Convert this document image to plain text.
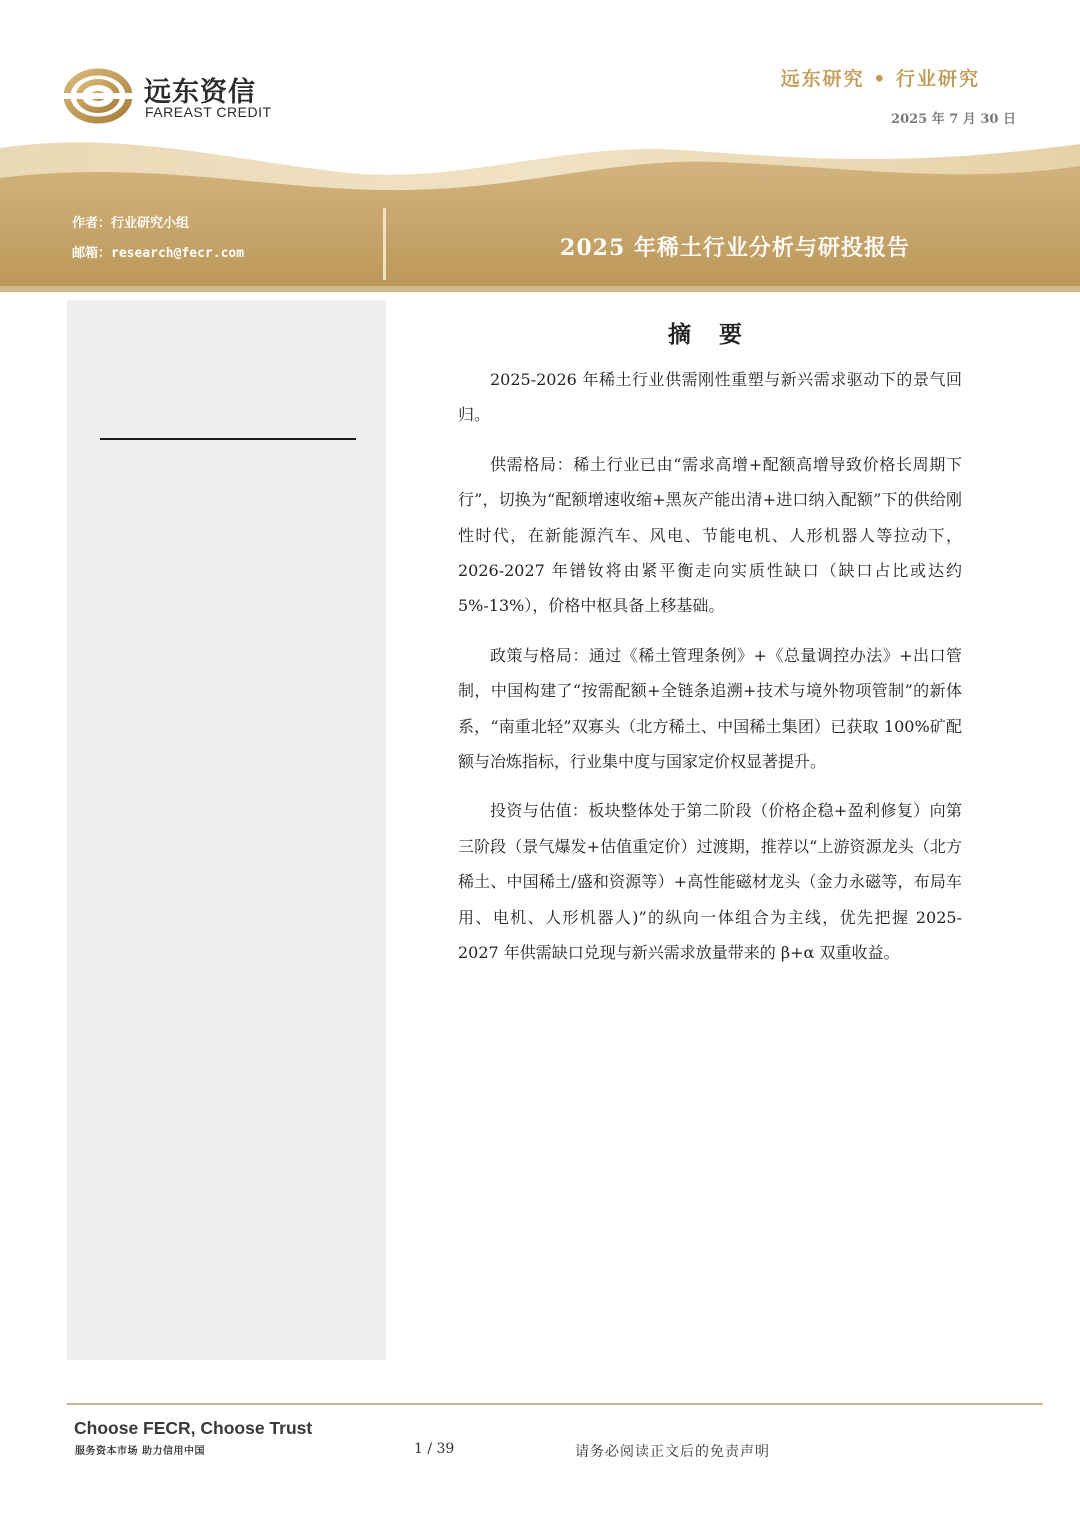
远东资信
FAREAST CREDIT
远东研究 • 行业研究
2025 年 7 月 30 日
作者：行业研究小组
邮箱：research@fecr.com	2025 年稀土行业分析与研投报告
摘 要

2025-2026 年稀土行业供需刚性重塑与新兴需求驱动下的景气回归。

供需格局：稀土行业已由“需求高增+配额高增导致价格长周期下行”，切换为“配额增速收缩+黑灰产能出清+进口纳入配额”下的供给刚性时代，在新能源汽车、风电、节能电机、人形机器人等拉动下，2026-2027 年镨钕将由紧平衡走向实质性缺口（缺口占比或达约 5%-13%），价格中枢具备上移基础。

政策与格局：通过《稀土管理条例》+《总量调控办法》+出口管制，中国构建了“按需配额+全链条追溯+技术与境外物项管制”的新体系，“南重北轻”双寡头（北方稀土、中国稀土集团）已获取 100%矿配额与冶炼指标，行业集中度与国家定价权显著提升。

投资与估值：板块整体处于第二阶段（价格企稳+盈利修复）向第三阶段（景气爆发+估值重定价）过渡期，推荐以“上游资源龙头（北方稀土、中国稀土/盛和资源等）+高性能磁材龙头（金力永磁等，布局车用、电机、人形机器人)”的纵向一体组合为主线，优先把握 2025-2027 年供需缺口兑现与新兴需求放量带来的 β+α 双重收益。

Choose FECR, Choose Trust
服务资本市场 助力信用中国	1 / 39	请务必阅读正文后的免责声明
